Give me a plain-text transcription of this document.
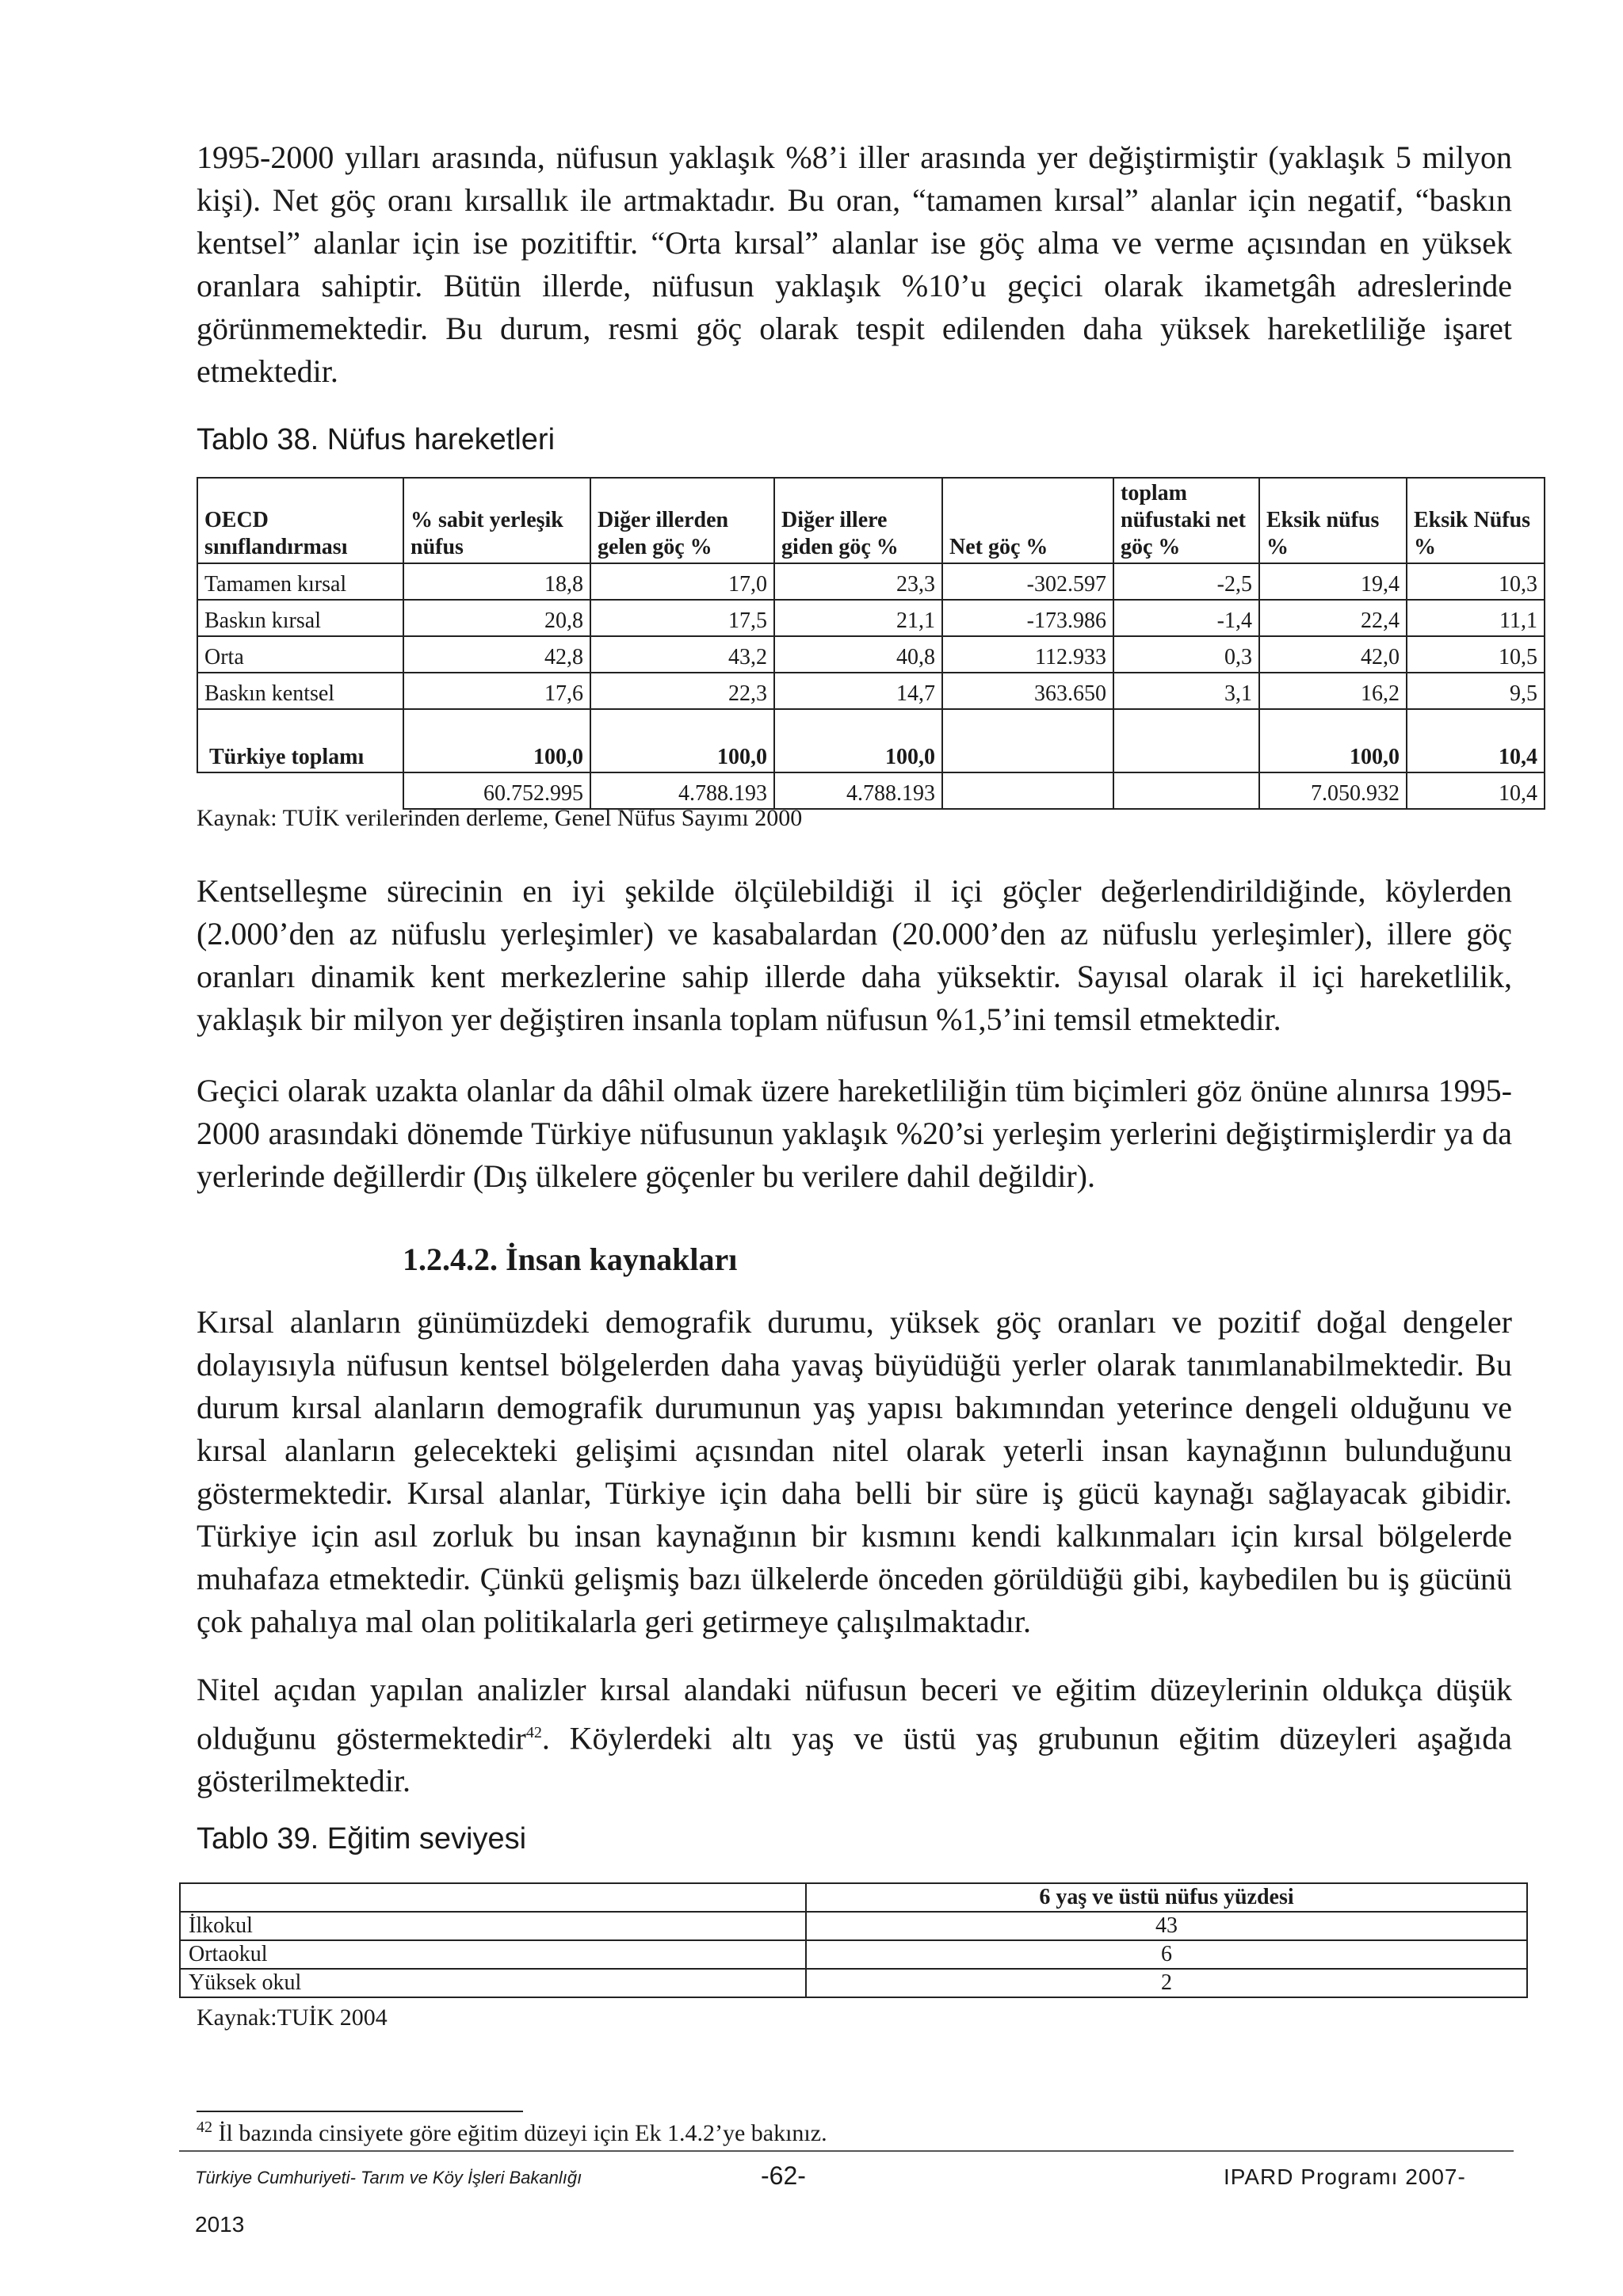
1995-2000 yılları arasında, nüfusun yaklaşık %8’i iller arasında yer değiştirmiştir (yaklaşık 5 milyon kişi). Net göç oranı kırsallık ile artmaktadır. Bu oran, “tamamen kırsal” alanlar için negatif, “baskın kentsel” alanlar için ise pozitiftir. “Orta kırsal” alanlar ise göç alma ve verme açısından en yüksek oranlara sahiptir. Bütün illerde, nüfusun yaklaşık %10’u geçici olarak ikametgâh adreslerinde görünmemektedir. Bu durum, resmi göç olarak tespit edilenden daha yüksek hareketliliğe işaret etmektedir.

Tablo 38. Nüfus hareketleri

OECD sınıflandırması	% sabit yerleşik nüfus	Diğer illerden gelen göç %	Diğer illere giden göç %	Net göç %	toplam nüfustaki net göç %	Eksik nüfus %	Eksik Nüfus %
Tamamen kırsal	18,8	17,0	23,3	-302.597	-2,5	19,4	10,3
Baskın kırsal	20,8	17,5	21,1	-173.986	-1,4	22,4	11,1
Orta	42,8	43,2	40,8	112.933	0,3	42,0	10,5
Baskın kentsel	17,6	22,3	14,7	363.650	3,1	16,2	9,5
Türkiye toplamı	100,0	100,0	100,0			100,0	10,4
	60.752.995	4.788.193	4.788.193			7.050.932	10,4
Kaynak: TUİK verilerinden derleme, Genel Nüfus Sayımı 2000

Kentselleşme sürecinin en iyi şekilde ölçülebildiği il içi göçler değerlendirildiğinde, köylerden (2.000’den az nüfuslu yerleşimler) ve kasabalardan (20.000’den az nüfuslu yerleşimler), illere göç oranları dinamik kent merkezlerine sahip illerde daha yüksektir. Sayısal olarak il içi hareketlilik, yaklaşık bir milyon yer değiştiren insanla toplam nüfusun %1,5’ini temsil etmektedir.

Geçici olarak uzakta olanlar da dâhil olmak üzere hareketliliğin tüm biçimleri göz önüne alınırsa 1995-2000 arasındaki dönemde Türkiye nüfusunun yaklaşık %20’si yerleşim yerlerini değiştirmişlerdir ya da yerlerinde değillerdir (Dış ülkelere göçenler bu verilere dahil değildir).

1.2.4.2. İnsan kaynakları

Kırsal alanların günümüzdeki demografik durumu, yüksek göç oranları ve pozitif doğal dengeler dolayısıyla nüfusun kentsel bölgelerden daha yavaş büyüdüğü yerler olarak tanımlanabilmektedir. Bu durum kırsal alanların demografik durumunun yaş yapısı bakımından yeterince dengeli olduğunu ve kırsal alanların gelecekteki gelişimi açısından nitel olarak yeterli insan kaynağının bulunduğunu göstermektedir. Kırsal alanlar, Türkiye için daha belli bir süre iş gücü kaynağı sağlayacak gibidir. Türkiye için asıl zorluk bu insan kaynağının bir kısmını kendi kalkınmaları için kırsal bölgelerde muhafaza etmektedir. Çünkü gelişmiş bazı ülkelerde önceden görüldüğü gibi, kaybedilen bu iş gücünü çok pahalıya mal olan politikalarla geri getirmeye çalışılmaktadır.

Nitel açıdan yapılan analizler kırsal alandaki nüfusun beceri ve eğitim düzeylerinin oldukça düşük olduğunu göstermektedir$^{42}$. Köylerdeki altı yaş ve üstü yaş grubunun eğitim düzeyleri aşağıda gösterilmektedir.

Tablo 39. Eğitim seviyesi

	6 yaş ve üstü nüfus yüzdesi
İlkokul	43
Ortaokul	6
Yüksek okul	2
Kaynak:TUİK 2004

$^{42}$ İl bazında cinsiyete göre eğitim düzeyi için Ek 1.4.2’ye bakınız.

Türkiye Cumhuriyeti- Tarım ve Köy İşleri Bakanlığı	-62-	IPARD Programı 2007-
2013
